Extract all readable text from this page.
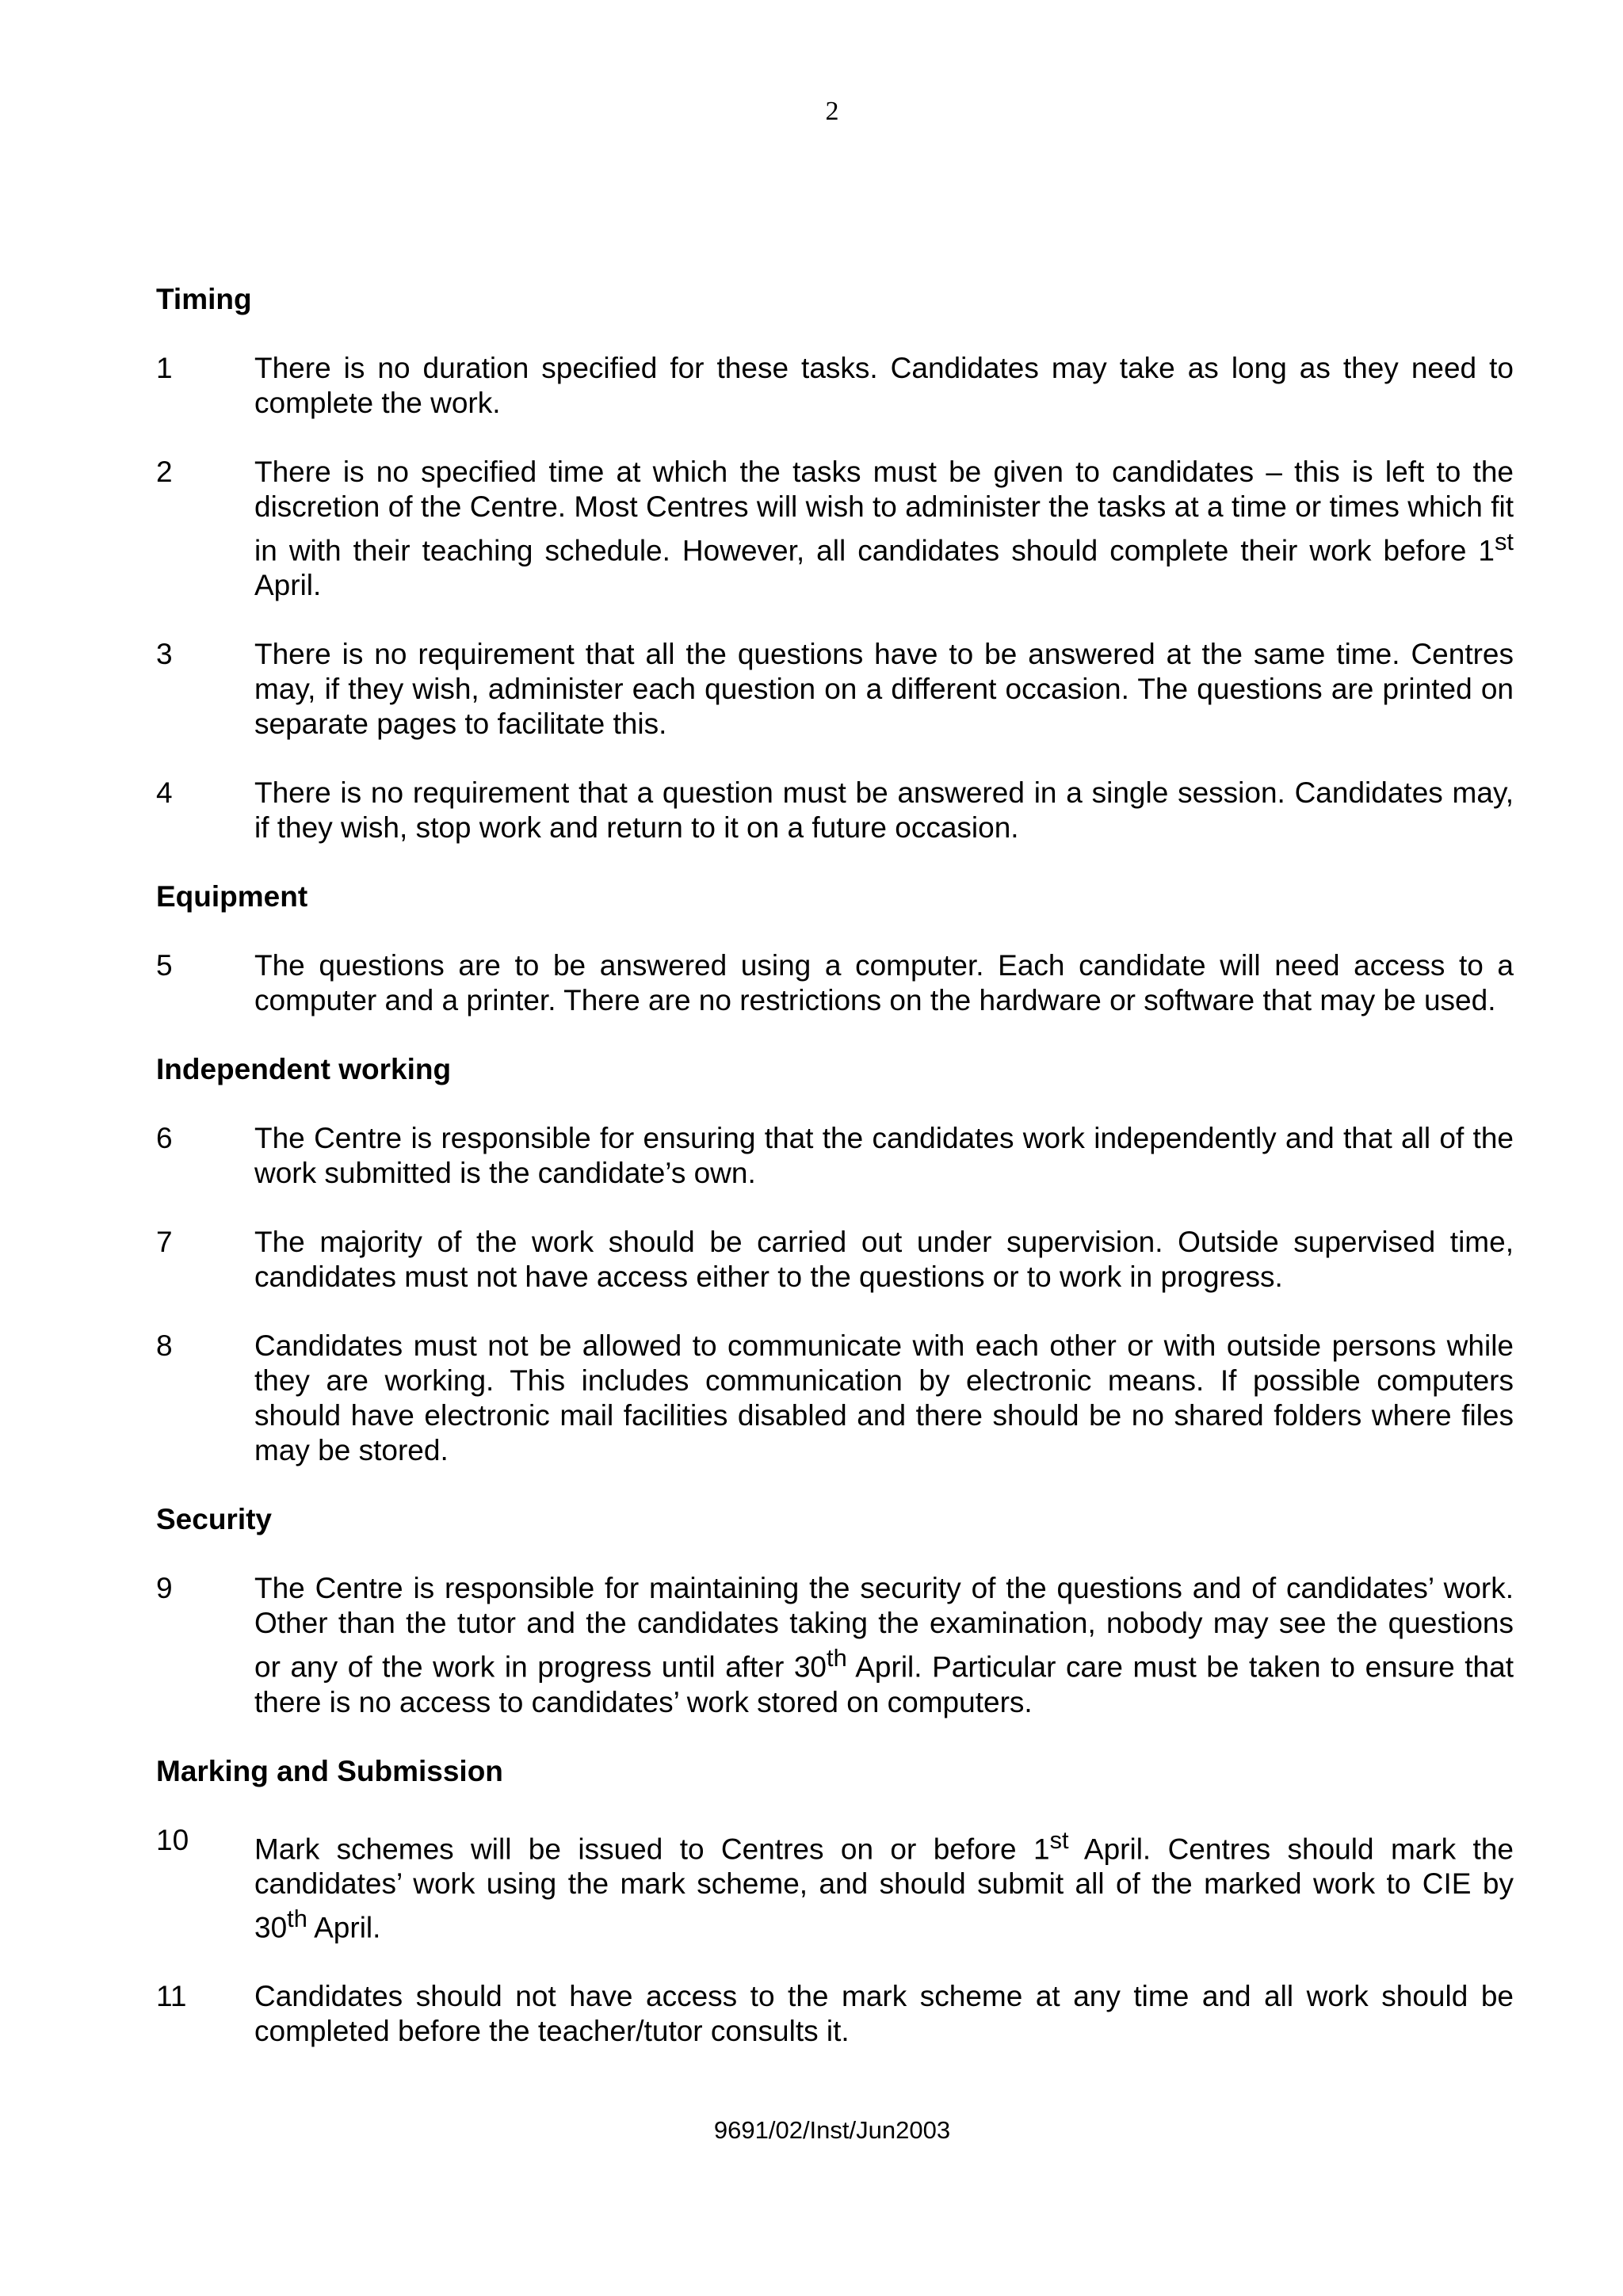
2
Timing
1	There is no duration specified for these tasks. Candidates may take as long as they need to complete the work.
2	There is no specified time at which the tasks must be given to candidates – this is left to the discretion of the Centre. Most Centres will wish to administer the tasks at a time or times which fit in with their teaching schedule. However, all candidates should complete their work before 1st April.
3	There is no requirement that all the questions have to be answered at the same time. Centres may, if they wish, administer each question on a different occasion. The questions are printed on separate pages to facilitate this.
4	There is no requirement that a question must be answered in a single session. Candidates may, if they wish, stop work and return to it on a future occasion.
Equipment
5	The questions are to be answered using a computer. Each candidate will need access to a computer and a printer. There are no restrictions on the hardware or software that may be used.
Independent working
6	The Centre is responsible for ensuring that the candidates work independently and that all of the work submitted is the candidate’s own.
7	The majority of the work should be carried out under supervision. Outside supervised time, candidates must not have access either to the questions or to work in progress.
8	Candidates must not be allowed to communicate with each other or with outside persons while they are working. This includes communication by electronic means. If possible computers should have electronic mail facilities disabled and there should be no shared folders where files may be stored.
Security
9	The Centre is responsible for maintaining the security of the questions and of candidates’ work. Other than the tutor and the candidates taking the examination, nobody may see the questions or any of the work in progress until after 30th April. Particular care must be taken to ensure that there is no access to candidates’ work stored on computers.
Marking and Submission
10 Mark schemes will be issued to Centres on or before 1st April. Centres should mark the candidates’ work using the mark scheme, and should submit all of the marked work to CIE by 30th April.
11 Candidates should not have access to the mark scheme at any time and all work should be completed before the teacher/tutor consults it.
9691/02/Inst/Jun2003
